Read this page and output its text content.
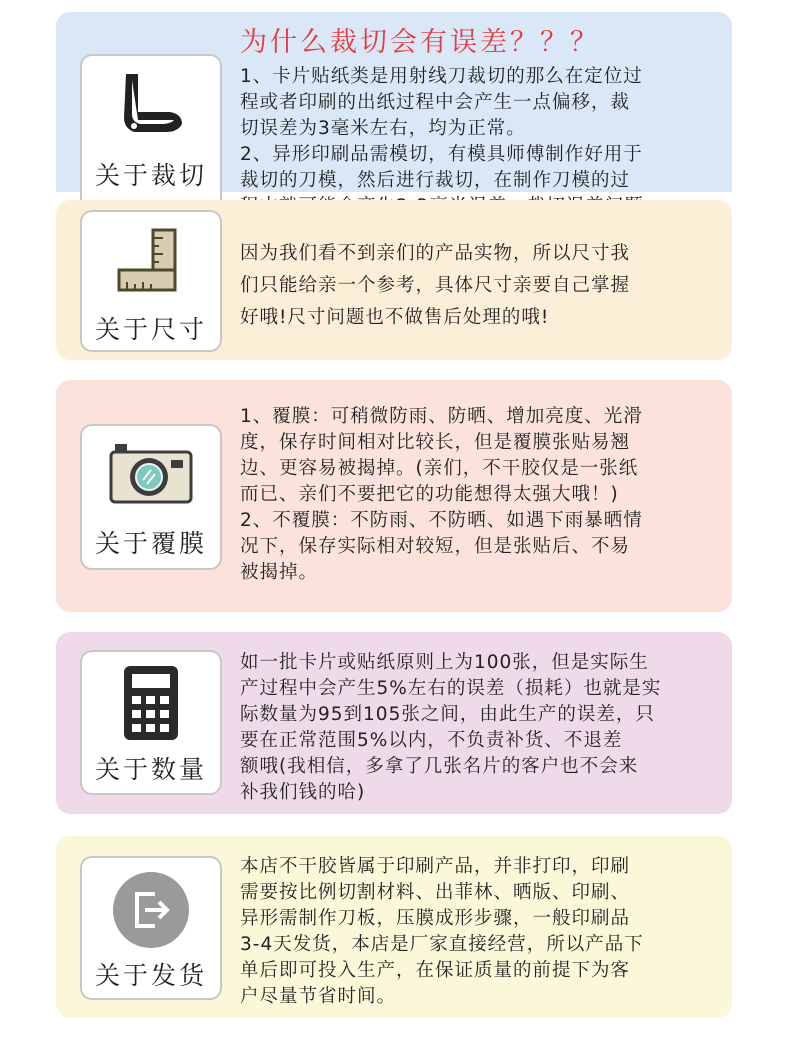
关于裁切
为什么裁切会有误差？？？

1、卡片贴纸类是用射线刀裁切的那么在定位过
程或者印刷的出纸过程中会产生一点偏移，裁
切误差为3毫米左右，均为正常。
2、异形印刷品需模切，有模具师傅制作好用于
裁切的刀模，然后进行裁切，在制作刀模的过

关于尺寸

因为我们看不到亲们的产品实物，所以尺寸我
们只能给亲一个参考，具体尺寸亲要自己掌握
好哦!尺寸问题也不做售后处理的哦!

关于覆膜

1、覆膜：可稍微防雨、防晒、增加亮度、光滑
度，保存时间相对比较长，但是覆膜张贴易翘
边、更容易被揭掉。(亲们，不干胶仅是一张纸
而已、亲们不要把它的功能想得太强大哦！)
2、不覆膜：不防雨、不防晒、如遇下雨暴晒情
况下，保存实际相对较短，但是张贴后、不易
被揭掉。

关于数量

如一批卡片或贴纸原则上为100张，但是实际生
产过程中会产生5%左右的误差（损耗）也就是实
际数量为95到105张之间，由此生产的误差，只
要在正常范围5%以内，不负责补货、不退差
额哦(我相信，多拿了几张名片的客户也不会来
补我们钱的哈)

关于发货

本店不干胶皆属于印刷产品，并非打印，印刷
需要按比例切割材料、出菲林、晒版、印刷、
异形需制作刀板，压膜成形步骤，一般印刷品
3-4天发货，本店是厂家直接经营，所以产品下
单后即可投入生产，在保证质量的前提下为客
户尽量节省时间。
